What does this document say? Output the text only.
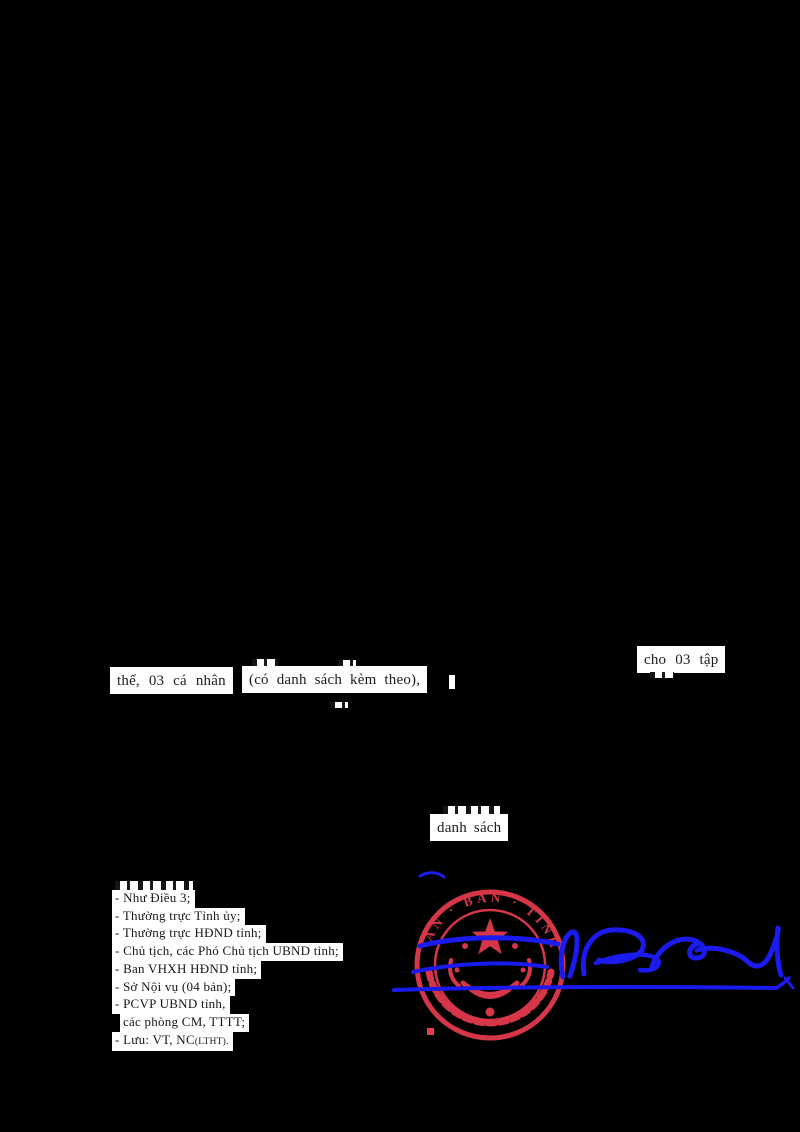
cho 03 tập
thể, 03 cá nhân	(có danh sách kèm theo),
danh sách
- Như Điều 3;
- Thường trực Tỉnh ủy;
- Thường trực HĐND tỉnh;
- Chủ tịch, các Phó Chủ tịch UBND tỉnh;
- Ban VHXH HĐND tỉnh;
- Sở Nội vụ (04 bản);
- PCVP UBND tỉnh,
các phòng CM, TTTT;
- Lưu: VT, NC(LTHT).
AN · BAN · TINH
